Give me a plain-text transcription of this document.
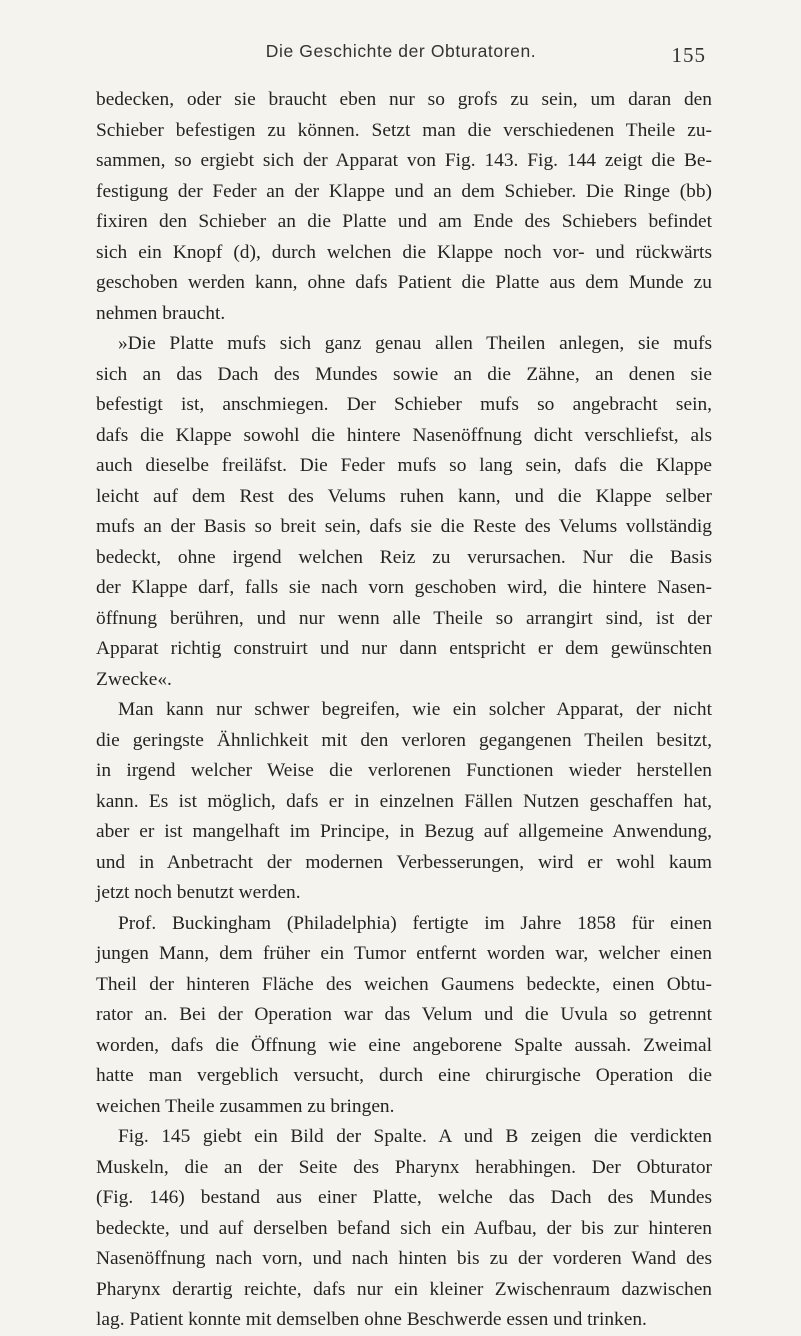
Die Geschichte der Obturatoren.	155

bedecken, oder sie braucht eben nur so grofs zu sein, um daran den
Schieber befestigen zu können. Setzt man die verschiedenen Theile zu-
sammen, so ergiebt sich der Apparat von Fig. 143. Fig. 144 zeigt die Be-
festigung der Feder an der Klappe und an dem Schieber. Die Ringe (bb)
fixiren den Schieber an die Platte und am Ende des Schiebers befindet
sich ein Knopf (d), durch welchen die Klappe noch vor- und rückwärts
geschoben werden kann, ohne dafs Patient die Platte aus dem Munde zu
nehmen braucht.

»Die Platte mufs sich ganz genau allen Theilen anlegen, sie mufs
sich an das Dach des Mundes sowie an die Zähne, an denen sie
befestigt ist, anschmiegen. Der Schieber mufs so angebracht sein,
dafs die Klappe sowohl die hintere Nasenöffnung dicht verschliefst, als
auch dieselbe freiläfst. Die Feder mufs so lang sein, dafs die Klappe
leicht auf dem Rest des Velums ruhen kann, und die Klappe selber
mufs an der Basis so breit sein, dafs sie die Reste des Velums vollständig
bedeckt, ohne irgend welchen Reiz zu verursachen. Nur die Basis
der Klappe darf, falls sie nach vorn geschoben wird, die hintere Nasen-
öffnung berühren, und nur wenn alle Theile so arrangirt sind, ist der
Apparat richtig construirt und nur dann entspricht er dem gewünschten
Zwecke«.

Man kann nur schwer begreifen, wie ein solcher Apparat, der nicht
die geringste Ähnlichkeit mit den verloren gegangenen Theilen besitzt,
in irgend welcher Weise die verlorenen Functionen wieder herstellen
kann. Es ist möglich, dafs er in einzelnen Fällen Nutzen geschaffen hat,
aber er ist mangelhaft im Principe, in Bezug auf allgemeine Anwendung,
und in Anbetracht der modernen Verbesserungen, wird er wohl kaum
jetzt noch benutzt werden.

Prof. Buckingham (Philadelphia) fertigte im Jahre 1858 für einen
jungen Mann, dem früher ein Tumor entfernt worden war, welcher einen
Theil der hinteren Fläche des weichen Gaumens bedeckte, einen Obtu-
rator an. Bei der Operation war das Velum und die Uvula so getrennt
worden, dafs die Öffnung wie eine angeborene Spalte aussah. Zweimal
hatte man vergeblich versucht, durch eine chirurgische Operation die
weichen Theile zusammen zu bringen.

Fig. 145 giebt ein Bild der Spalte. A und B zeigen die verdickten
Muskeln, die an der Seite des Pharynx herabhingen. Der Obturator
(Fig. 146) bestand aus einer Platte, welche das Dach des Mundes
bedeckte, und auf derselben befand sich ein Aufbau, der bis zur hinteren
Nasenöffnung nach vorn, und nach hinten bis zu der vorderen Wand des
Pharynx derartig reichte, dafs nur ein kleiner Zwischenraum dazwischen
lag. Patient konnte mit demselben ohne Beschwerde essen und trinken.
